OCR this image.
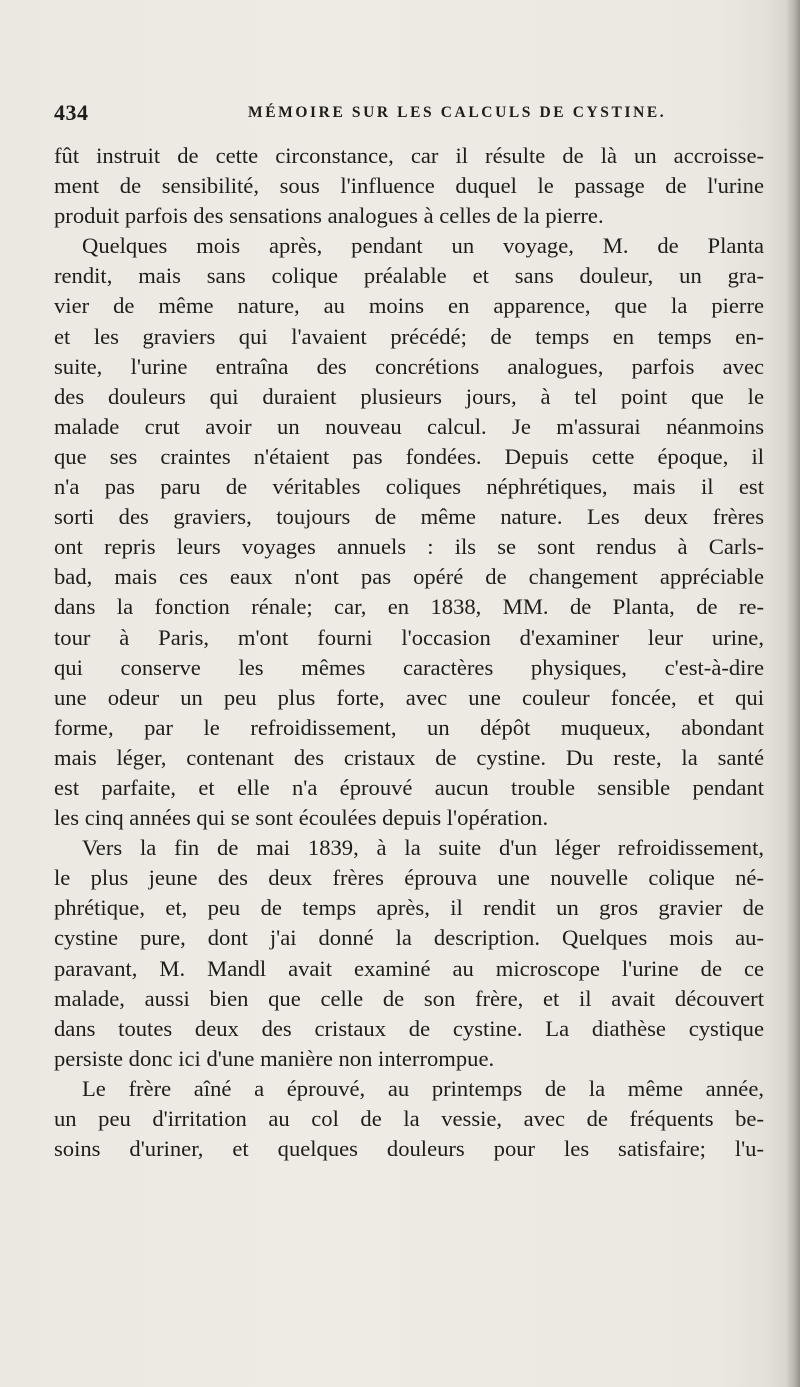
434	MÉMOIRE SUR LES CALCULS DE CYSTINE.
fût instruit de cette circonstance, car il résulte de là un accroisse-
ment de sensibilité, sous l'influence duquel le passage de l'urine
produit parfois des sensations analogues à celles de la pierre.
Quelques mois après, pendant un voyage, M. de Planta
rendit, mais sans colique préalable et sans douleur, un gra-
vier de même nature, au moins en apparence, que la pierre
et les graviers qui l'avaient précédé; de temps en temps en-
suite, l'urine entraîna des concrétions analogues, parfois avec
des douleurs qui duraient plusieurs jours, à tel point que le
malade crut avoir un nouveau calcul. Je m'assurai néanmoins
que ses craintes n'étaient pas fondées. Depuis cette époque, il
n'a pas paru de véritables coliques néphrétiques, mais il est
sorti des graviers, toujours de même nature. Les deux frères
ont repris leurs voyages annuels : ils se sont rendus à Carls-
bad, mais ces eaux n'ont pas opéré de changement appréciable
dans la fonction rénale; car, en 1838, MM. de Planta, de re-
tour à Paris, m'ont fourni l'occasion d'examiner leur urine,
qui conserve les mêmes caractères physiques, c'est-à-dire
une odeur un peu plus forte, avec une couleur foncée, et qui
forme, par le refroidissement, un dépôt muqueux, abondant
mais léger, contenant des cristaux de cystine. Du reste, la santé
est parfaite, et elle n'a éprouvé aucun trouble sensible pendant
les cinq années qui se sont écoulées depuis l'opération.
Vers la fin de mai 1839, à la suite d'un léger refroidissement,
le plus jeune des deux frères éprouva une nouvelle colique né-
phrétique, et, peu de temps après, il rendit un gros gravier de
cystine pure, dont j'ai donné la description. Quelques mois au-
paravant, M. Mandl avait examiné au microscope l'urine de ce
malade, aussi bien que celle de son frère, et il avait découvert
dans toutes deux des cristaux de cystine. La diathèse cystique
persiste donc ici d'une manière non interrompue.
Le frère aîné a éprouvé, au printemps de la même année,
un peu d'irritation au col de la vessie, avec de fréquents be-
soins d'uriner, et quelques douleurs pour les satisfaire; l'u-
